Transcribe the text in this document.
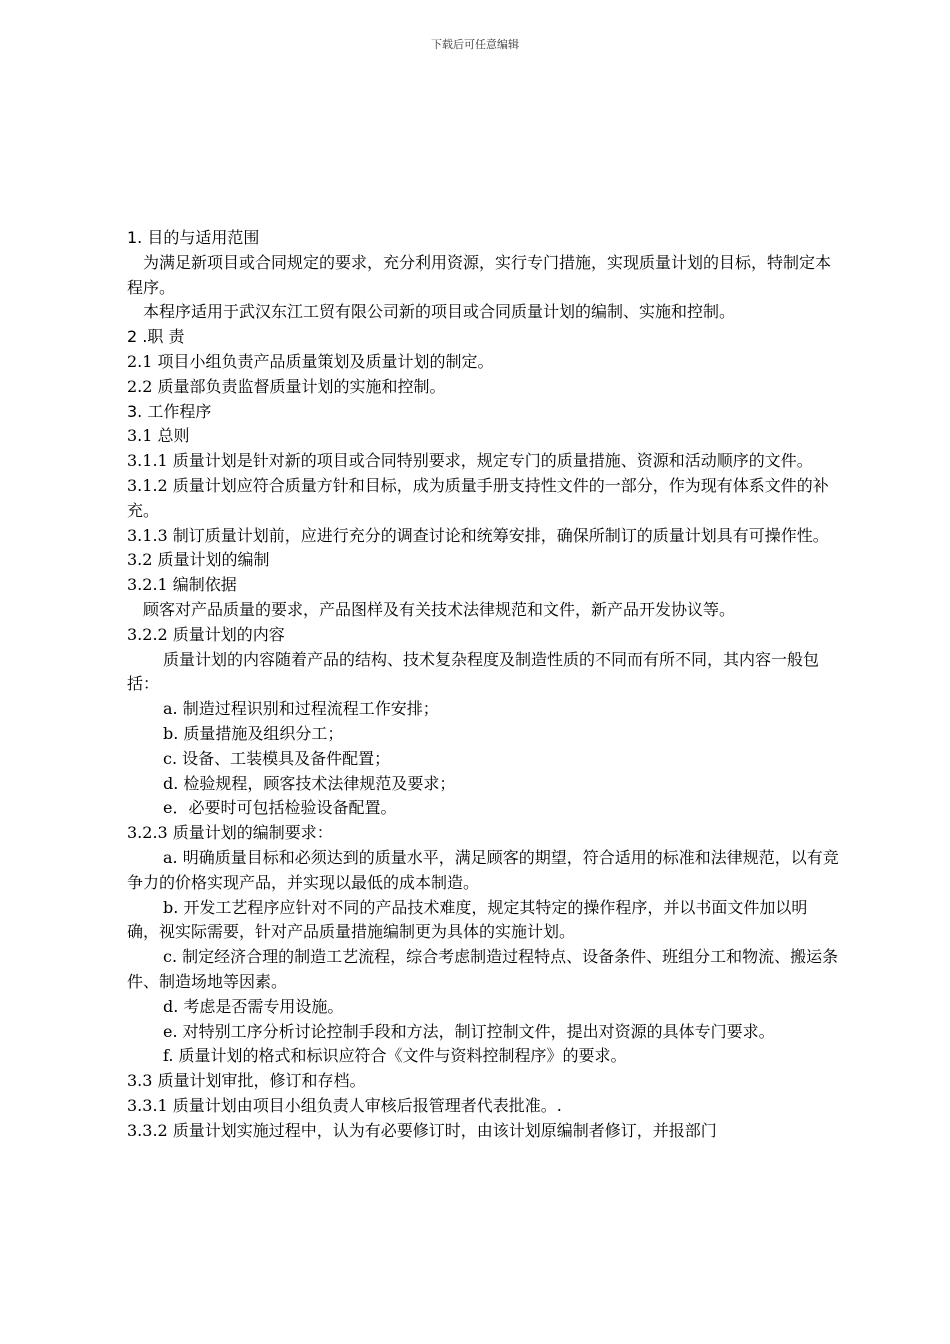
下载后可任意编辑

1. 目的与适用范围

为满足新项目或合同规定的要求，充分利用资源，实行专门措施，实现质量计划的目标，特制定本程序。

本程序适用于武汉东江工贸有限公司新的项目或合同质量计划的编制、实施和控制。

2 .职 责

2.1 项目小组负责产品质量策划及质量计划的制定。

2.2 质量部负责监督质量计划的实施和控制。

3. 工作程序

3.1 总则

3.1.1 质量计划是针对新的项目或合同特别要求，规定专门的质量措施、资源和活动顺序的文件。

3.1.2 质量计划应符合质量方针和目标，成为质量手册支持性文件的一部分，作为现有体系文件的补充。

3.1.3 制订质量计划前，应进行充分的调查讨论和统筹安排，确保所制订的质量计划具有可操作性。

3.2 质量计划的编制

3.2.1 编制依据

顾客对产品质量的要求，产品图样及有关技术法律规范和文件，新产品开发协议等。

3.2.2 质量计划的内容

质量计划的内容随着产品的结构、技术复杂程度及制造性质的不同而有所不同，其内容一般包括：

a. 制造过程识别和过程流程工作安排；

b. 质量措施及组织分工；

c. 设备、工装模具及备件配置；

d. 检验规程，顾客技术法律规范及要求；

e．必要时可包括检验设备配置。

3.2.3 质量计划的编制要求：

a. 明确质量目标和必须达到的质量水平，满足顾客的期望，符合适用的标准和法律规范，以有竞争力的价格实现产品，并实现以最低的成本制造。

b. 开发工艺程序应针对不同的产品技术难度，规定其特定的操作程序，并以书面文件加以明确，视实际需要，针对产品质量措施编制更为具体的实施计划。

c. 制定经济合理的制造工艺流程，综合考虑制造过程特点、设备条件、班组分工和物流、搬运条件、制造场地等因素。

d. 考虑是否需专用设施。

e. 对特别工序分析讨论控制手段和方法，制订控制文件，提出对资源的具体专门要求。

f. 质量计划的格式和标识应符合《文件与资料控制程序》的要求。

3.3 质量计划审批，修订和存档。

3.3.1 质量计划由项目小组负责人审核后报管理者代表批准。.

3.3.2 质量计划实施过程中，认为有必要修订时，由该计划原编制者修订，并报部门
